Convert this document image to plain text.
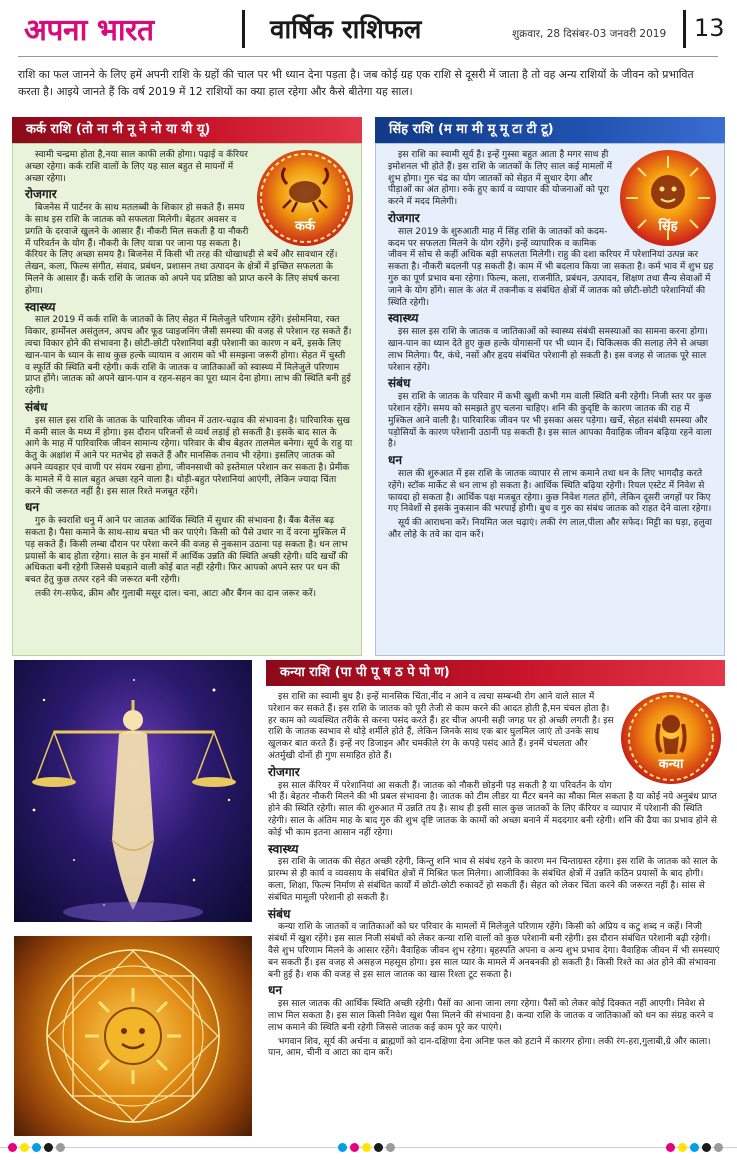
अपना भारत	वार्षिक राशिफल	शुक्रवार, 28 दिसंबर-03 जनवरी 2019 13

राशि का फल जानने के लिए हमें अपनी राशि के ग्रहों की चाल पर भी ध्यान देना पड़ता है। जब कोई ग्रह एक राशि से दूसरी में जाता है तो वह अन्य राशियों के जीवन को प्रभावित करता है। आइये जानते हैं कि वर्ष 2019 में 12 राशियों का क्या हाल रहेगा और कैसे बीतेगा यह साल।

कर्क राशि (तो ना नी नू ने नो या यी यू)
कर्क

स्वामी चन्द्रमा होता है,नया साल काफी लकी होगा। पढ़ाई व कॅरियर अच्छा रहेगा। कर्क राशि वालों के लिए यह साल बहुत से मायनों में अच्छा रहेगा।

रोजगार

बिजनेस में पार्टनर के साथ मतलब्बी के शिकार हो सकते हैं। समय के साथ इस राशि के जातक को सफलता मिलेगी। बेहतर अवसर व प्रगति के दरवाजे खुलने के आसार हैं। नौकरी मिल सकती है या नौकरी में परिवर्तन के योग हैं। नौकरी के लिए यात्रा पर जाना पड़ सकता है। कॅरियर के लिए अच्छा समय है। बिजनेस में किसी भी तरह की धोखाधड़ी से बचें और सावधान रहें। लेखन, कला, फिल्म संगीत, संवाद, प्रबंधन, प्रशासन तथा उत्पादन के क्षेत्रों में इच्छित सफलता के मिलने के आसार हैं। कर्क राशि के जातक को अपने पद प्रतिष्ठा को प्राप्त करने के लिए संघर्ष करना होगा।

स्वास्थ्य

साल 2019 में कर्क राशि के जातकों के लिए सेहत में मिलेजुले परिणाम रहेंगे। इंसोमनिया, रक्त विकार, हार्मोनल असंतुलन, अपच और फूड प्वाइजनिंग जैसी समस्या की वजह से परेशान रह सकते हैं। त्वचा विकार होने की संभावना है। छोटी-छोटी परेशानियां बड़ी परेशानी का कारण न बनें, इसके लिए खान-पान के ध्यान के साथ कुछ हल्के व्यायाम व आराम को भी समझना जरूरी होगा। सेहत में चुस्ती व स्फूर्ति की स्थिति बनी रहेगी। कर्क राशि के जातक व जातिकाओं को स्वास्थ्य में मिलेजुले परिणाम प्राप्त होंगे। जातक को अपने खान-पान व रहन-सहन का पूरा ध्यान देना होगा। लाभ की स्थिति बनी हुई रहेगी।

संबंध

इस साल इस राशि के जातक के पारिवारिक जीवन में उतार-चढ़ाव की संभावना है। पारिवारिक सुख में कमी साल के मध्य में होगा। इस दौरान परिजनों से व्यर्थ लड़ाई हो सकती है। इसके बाद साल के आगे के माह में पारिवारिक जीवन सामान्य रहेगा। परिवार के बीच बेहतर तालमेल बनेगा। सूर्य के राहु या केतु के अक्षांश में आने पर मतभेद हो सकते हैं और मानसिक तनाव भी रहेगा। इसलिए जातक को अपने व्यवहार एवं वाणी पर संयम रखना होगा, जीवनसाथी को इस्तेमाल परेशान कर सकता है। प्रेमीक के मामले में ये साल बहुत अच्छा रहने वाला है। थोड़ी-बहुत परेशानियां आएंगी, लेकिन ज्यादा चिंता करने की जरूरत नहीं है। इस साल रिश्ते मजबूत रहेंगे।

धन

गुरु के स्वराशि धनु में आने पर जातक आर्थिक स्थिति में सुधार की संभावना है। बैंक बैलेंस बढ़ सकता है। पैसा कमाने के साथ-साथ बचत भी कर पाएंगे। किसी को पैसे उधार ना दें वरना मुश्किल में पड़ सकते हैं। किसी लम्बा दौरान पर परेशा करने की वजह से नुकसान उठाना पड़ सकता है। धन लाभ प्रयासों के बाद होता रहेगा। साल के इन मासों में आर्थिक उन्नति की स्थिति अच्छी रहेगी। यदि खर्चों की अधिकता बनी रहेगी जिससे घबड़ाने वाली कोई बात नहीं रहेगी। फिर आपको अपने स्तर पर धन की बचत हेतु कुछ तत्पर रहने की जरूरत बनी रहेगी।

लकी रंग-सफेद, क्रीम और गुलाबी मसूर दाल। चना, आटा और बैंगन का दान जरूर करें।

सिंह राशि (म मा मी मू मू टा टी टू)
सिंह

इस राशि का स्वामी सूर्य है। इन्हें गुस्सा बहुत आता है मगर साथ ही इमोशनल भी होते हैं। इस राशि के जातकों के लिए साल कई मामलों में शुभ होगा। गुरु चंद्र का योग जातकों को सेहत में सुधार देगा और पीड़ाओं का अंत होगा। रुके हुए कार्य व व्यापार की योजनाओं को पूरा करने में मदद मिलेगी।

रोजगार

साल 2019 के शुरुआती माह में सिंह राशि के जातकों को कदम-कदम पर सफलता मिलने के योग रहेंगे। इन्हें व्यापारिक व कामिक जीवन में सोच से कहीं अधिक बड़ी सफलता मिलेगी। राहु की दशा करियर में परेशानियां उत्पन्न कर सकता है। नौकरी बदलनी पड़ सकती है। काम में भी बदलाव किया जा सकता है। कर्म भाव में शुभ ग्रह गुरु का पूर्ण प्रभाव बना रहेगा। फिल्म, कला, राजनीति, प्रबंधन, उत्पादन, शिक्षण तथा सैन्य सेवाओं में जाने के योग होंगे। साल के अंत में तकनीक व संबंधित क्षेत्रों में जातक को छोटी-छोटी परेशानियों की स्थिति रहेगी।

स्वास्थ्य

इस साल इस राशि के जातक व जातिकाओं को स्वास्थ्य संबंधी समस्याओं का सामना करना होगा। खान-पान का ध्यान देते हुए कुछ हल्के योगासनों पर भी ध्यान दें। चिकित्सक की सलाह लेने से अच्छा लाभ मिलेगा। पैर, कंधे, नसों और हृदय संबंधित परेशानी हो सकती है। इस वजह से जातक पूरे साल परेशान रहेंगे।

संबंध

इस राशि के जातक के परिवार में कभी खुशी कभी गम वाली स्थिति बनी रहेगी। निजी स्तर पर कुछ परेशान रहेंगे। समय को समझते हुए चलना चाहिए। शनि की कुदृष्टि के कारण जातक की राह में मुश्किल आने वाली है। पारिवारिक जीवन पर भी इसका असर पड़ेगा। खर्चे, सेहत संबंधी समस्या और पड़ोसियों के कारण परेशानी उठानी पड़ सकती है। इस साल आपका वैवाहिक जीवन बढ़िया रहने वाला है।

धन

साल की शुरुआत में इस राशि के जातक व्यापार से लाभ कमाने तथा धन के लिए भागदौड़ करते रहेंगे। स्टॉक मार्केट से धन लाभ हो सकता है। आर्थिक स्थिति बढ़िया रहेगी। रियल एस्टेट में निवेश से फायदा हो सकता है। आर्थिक पक्ष मजबूत रहेगा। कुछ निवेश गलत होंगे, लेकिन दूसरी जगहों पर किए गए निवेशों से इसके नुकसान की भरपाई होगी। बुध व गुरु का संबंध जातक को राहत देने वाला रहेगा।

सूर्य की आराधना करें। नियमित जल चढ़ाएं। लकी रंग लाल,पीला और सफेद। मिट्टी का घड़ा, हलुवा और लोहे के तवे का दान करें।

कन्या राशि (पा पी पू ष ठ पे पो ण)
कन्या

इस राशि का स्वामी बुध है। इन्हें मानसिक चिंता,नींद न आने व त्वचा सम्बन्धी रोग आने वाले साल में परेशान कर सकते हैं। इस राशि के जातक को पूरी तेजी से काम करने की आदत होती है,मन चंचल होता है। हर काम को व्यवस्थित तरीके से करना पसंद करते हैं। हर चीज अपनी सही जगह पर हो अच्छी लगती है। इस राशि के जातक स्वभाव से थोड़े शर्मीले होते हैं, लेकिन जिनके साथ एक बार घुलमिल जाएं तो उनके साथ खुलकर बात करते हैं। इन्हें नए डिजाइन और चमकीले रंग के कपड़े पसंद आते हैं। इनमें चंचलता और अंतर्मुखी दोनों ही गुण समाहित होते हैं।

रोजगार

इस साल कॅरियर में परेशानियां आ सकती हैं। जातक को नौकरी छोड़नी पड़ सकती है या परिवर्तन के योग भी हैं। बेहतर नौकरी मिलने की भी प्रबल संभावना है। जातक को टीम लीडर या मैंटर बनने का मौका मिल सकता है या कोई नये अनुबंध प्राप्त होने की स्थिति रहेगी। साल की शुरुआत में उन्नति तय है। साथ ही इसी साल कुछ जातकों के लिए कॅरियर व व्यापार में परेशानी की स्थिति रहेगी। साल के अंतिम माह के बाद गुरु की शुभ दृष्टि जातक के कामों को अच्छा बनाने में मददगार बनी रहेगी। शनि की ढैया का प्रभाव होने से कोई भी काम इतना आसान नहीं रहेगा।

स्वास्थ्य

इस राशि के जातक की सेहत अच्छी रहेगी, किन्तु शनि भाव से संबंध रहने के कारण मन चिन्ताग्रस्त रहेगा। इस राशि के जातक को साल के प्रारम्भ से ही कार्य व व्यवसाय के संबंधित क्षेत्रों में मिश्रित फल मिलेगा। आजीविका के संबंधित क्षेत्रों में उन्नति कठिन प्रयासों के बाद होगी। कला, शिक्षा, फिल्म निर्माण से संबंधित कार्यों में छोटी-छोटी रुकावटें हो सकती हैं। सेहत को लेकर चिंता करने की जरूरत नहीं है। सांस से संबंधित मामूली परेशानी हो सकती है।

संबंध

कन्या राशि के जातकों व जातिकाओं को घर परिवार के मामलों में मिलेजुले परिणाम रहेंगे। किसी को अप्रिय व कटु शब्द न कहें। निजी संबंधों में खुश रहेंगे। इस साल निजी संबंधों को लेकर कन्या राशि वालों को कुछ परेशानी बनी रहेगी। इस दौरान संबंधित परेशानी बढ़ी रहेगी। वैसे शुभ परिणाम मिलने के आसार रहेंगे। वैवाहिक जीवन शुभ रहेगा। बृहस्पति अपना व अन्य शुभ प्रभाव देगा। वैवाहिक जीवन में भी समस्याएं बन सकती हैं। इस वजह से असहज महसूस होगा। इस साल प्यार के मामले में अनबनकी हो सकती है। किसी रिश्ते का अंत होने की संभावना बनी हुई है। शक की वजह से इस साल जातक का खास रिश्ता टूट सकता है।

धन

इस साल जातक की आर्थिक स्थिति अच्छी रहेगी। पैसों का आना जाना लगा रहेगा। पैसों को लेकर कोई दिक्कत नहीं आएगी। निवेश से लाभ मिल सकता है। इस साल किसी निवेश खुश पैसा मिलने की संभावना है। कन्या राशि के जातक व जातिकाओं को धन का संग्रह करने व लाभ कमाने की स्थिति बनी रहेगी जिससे जातक कई काम पूरे कर पाएंगे।

भगवान शिव, सूर्य की अर्चना व ब्राह्मणों को दान-दक्षिणा देना अनिष्ट फल को हटाने में कारगर होगा। लकी रंग-हरा,गुलाबी,ग्रे और काला। पान, आम, चीनी व आटा का दान करें।
